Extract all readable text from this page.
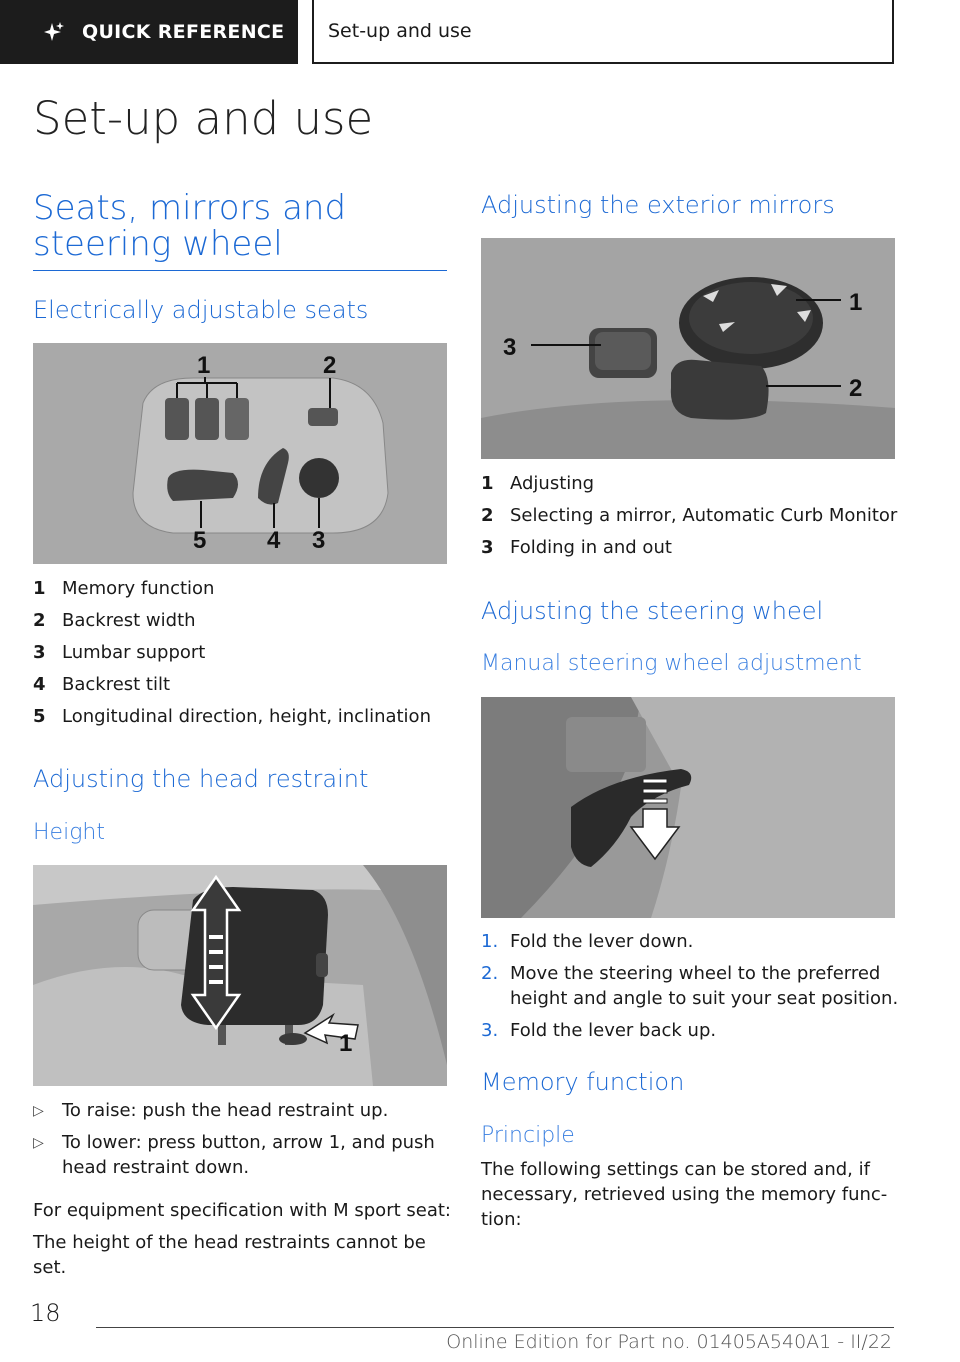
QUICK REFERENCE Set-up and use
Set-up and use
Seats, mirrors and steering wheel
Electrically adjustable seats
1	2
5	4 3
1 Memory function
2 Backrest width
3 Lumbar support
4 Backrest tilt
5 Longitudinal direction, height, inclination
Adjusting the head restraint
Height
1
▷	To raise: push the head restraint up.
▷	To lower: press button, arrow 1, and push
head restraint down.
For equipment specification with M sport seat:
The height of the head restraints cannot be
set.
Adjusting the exterior mirrors
1
2
3
1 Adjusting
2 Selecting a mirror, Automatic Curb Monitor
3 Folding in and out
Adjusting the steering wheel
Manual steering wheel adjustment
1. Fold the lever down.
2. Move the steering wheel to the preferred
height and angle to suit your seat position.
3. Fold the lever back up.
Memory function
Principle
The following settings can be stored and, if
necessary, retrieved using the memory func-
tion:
18
Online Edition for Part no. 01405A540A1 - II/22
